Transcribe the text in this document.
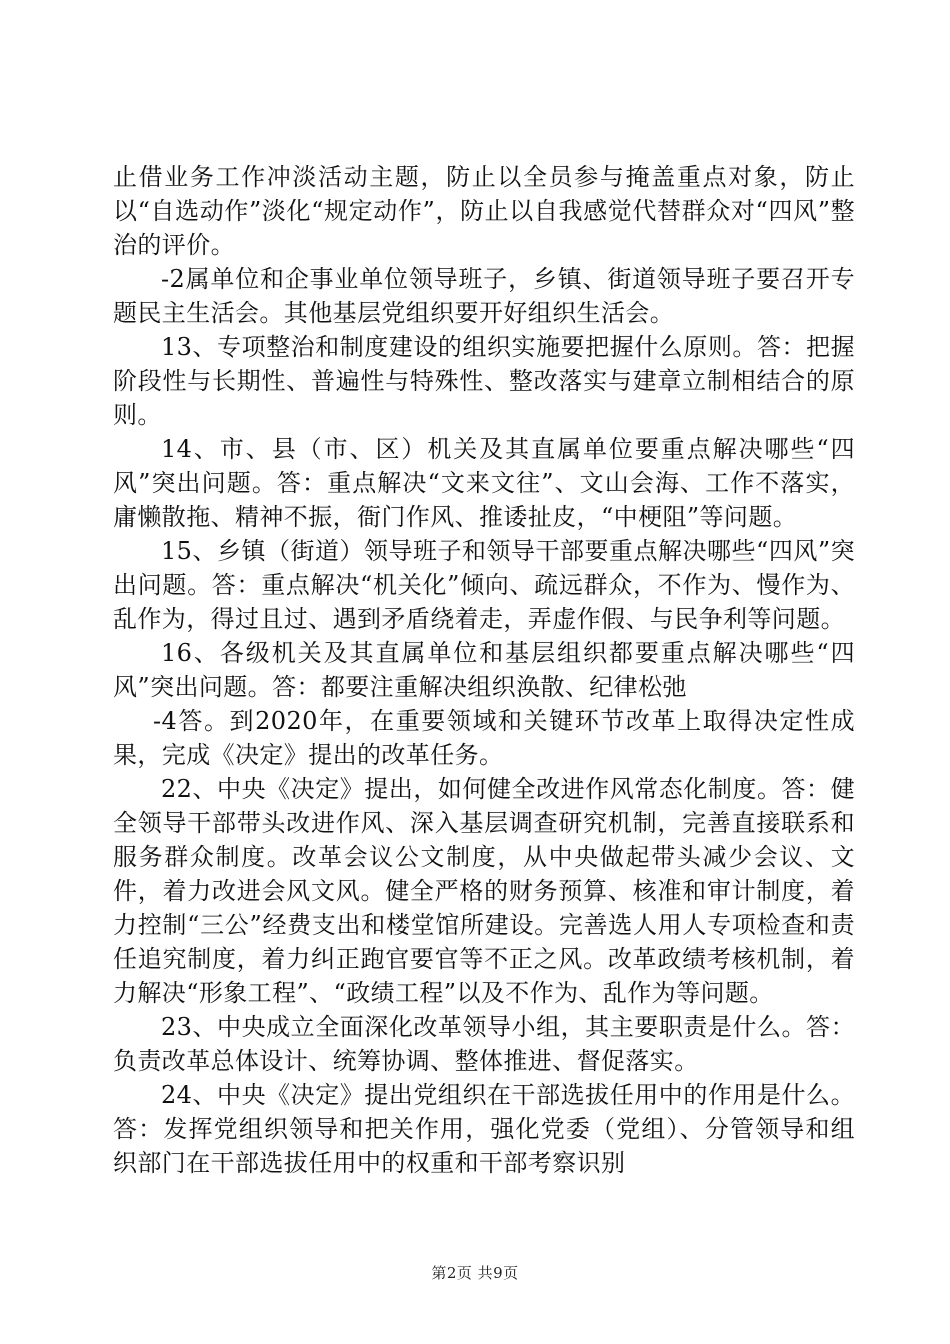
止借业务工作冲淡活动主题，防止以全员参与掩盖重点对象，防止以“自选动作”淡化“规定动作”，防止以自我感觉代替群众对“四风”整治的评价。

-2属单位和企事业单位领导班子，乡镇、街道领导班子要召开专题民主生活会。其他基层党组织要开好组织生活会。

13、专项整治和制度建设的组织实施要把握什么原则。答：把握阶段性与长期性、普遍性与特殊性、整改落实与建章立制相结合的原则。

14、市、县（市、区）机关及其直属单位要重点解决哪些“四风”突出问题。答：重点解决“文来文往”、文山会海、工作不落实，庸懒散拖、精神不振，衙门作风、推诿扯皮，“中梗阻”等问题。

15、乡镇（街道）领导班子和领导干部要重点解决哪些“四风”突出问题。答：重点解决“机关化”倾向、疏远群众，不作为、慢作为、乱作为，得过且过、遇到矛盾绕着走，弄虚作假、与民争利等问题。

16、各级机关及其直属单位和基层组织都要重点解决哪些“四风”突出问题。答：都要注重解决组织涣散、纪律松弛

-4答。到2020年，在重要领域和关键环节改革上取得决定性成果，完成《决定》提出的改革任务。

22、中央《决定》提出，如何健全改进作风常态化制度。答：健全领导干部带头改进作风、深入基层调查研究机制，完善直接联系和服务群众制度。改革会议公文制度，从中央做起带头减少会议、文件，着力改进会风文风。健全严格的财务预算、核准和审计制度，着力控制“三公”经费支出和楼堂馆所建设。完善选人用人专项检查和责任追究制度，着力纠正跑官要官等不正之风。改革政绩考核机制，着力解决“形象工程”、“政绩工程”以及不作为、乱作为等问题。

23、中央成立全面深化改革领导小组，其主要职责是什么。答：负责改革总体设计、统筹协调、整体推进、督促落实。

24、中央《决定》提出党组织在干部选拔任用中的作用是什么。答：发挥党组织领导和把关作用，强化党委（党组）、分管领导和组织部门在干部选拔任用中的权重和干部考察识别

第2页 共9页
